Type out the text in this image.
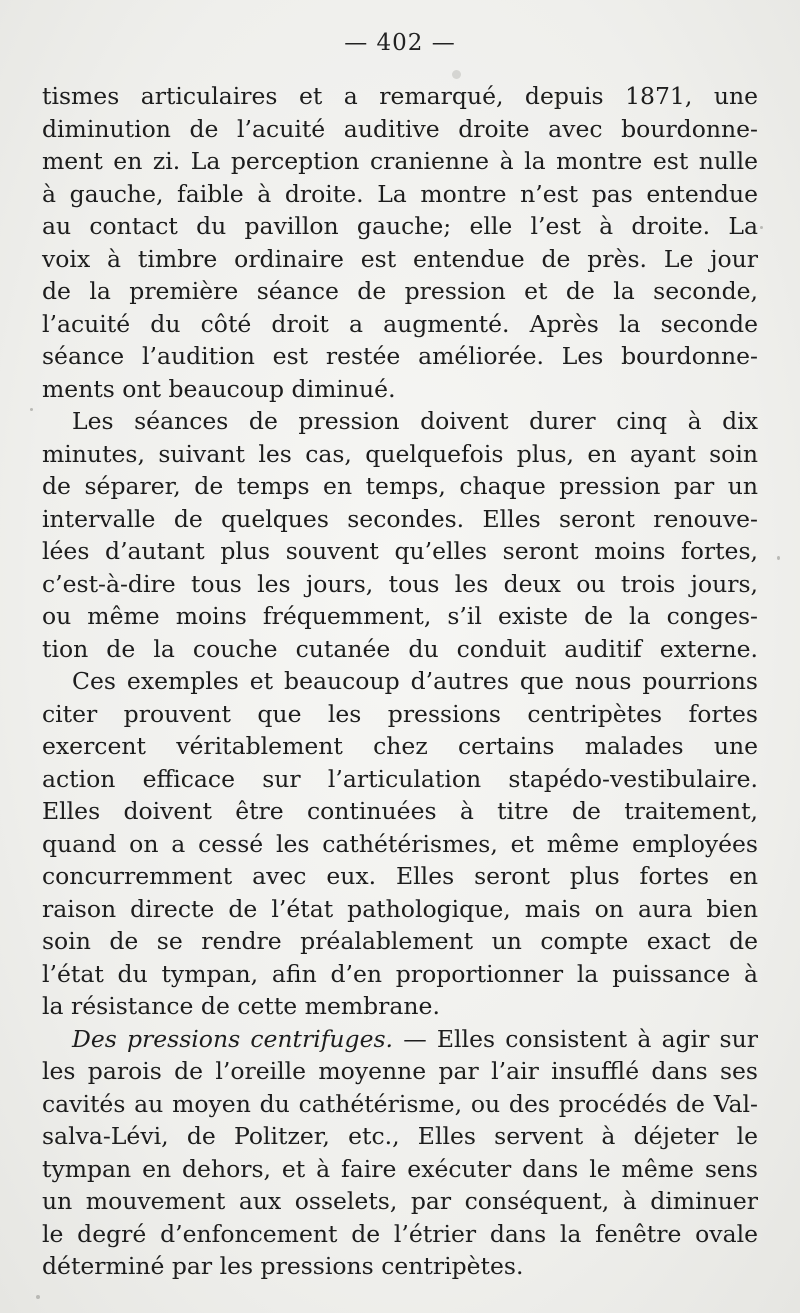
— 402 —
tismes articulaires et a remarqué, depuis 1871, une
diminution de l’acuité auditive droite avec bourdonne-
ment en zi. La perception cranienne à la montre est nulle
à gauche, faible à droite. La montre n’est pas entendue
au contact du pavillon gauche; elle l’est à droite. La
voix à timbre ordinaire est entendue de près. Le jour
de la première séance de pression et de la seconde,
l’acuité du côté droit a augmenté. Après la seconde
séance l’audition est restée améliorée. Les bourdonne-
ments ont beaucoup diminué.
Les séances de pression doivent durer cinq à dix
minutes, suivant les cas, quelquefois plus, en ayant soin
de séparer, de temps en temps, chaque pression par un
intervalle de quelques secondes. Elles seront renouve-
lées d’autant plus souvent qu’elles seront moins fortes,
c’est-à-dire tous les jours, tous les deux ou trois jours,
ou même moins fréquemment, s’il existe de la conges-
tion de la couche cutanée du conduit auditif externe.
Ces exemples et beaucoup d’autres que nous pourrions
citer prouvent que les pressions centripètes fortes
exercent véritablement chez certains malades une
action efficace sur l’articulation stapédo-vestibulaire.
Elles doivent être continuées à titre de traitement,
quand on a cessé les cathétérismes, et même employées
concurremment avec eux. Elles seront plus fortes en
raison directe de l’état pathologique, mais on aura bien
soin de se rendre préalablement un compte exact de
l’état du tympan, afin d’en proportionner la puissance à
la résistance de cette membrane.
Des pressions centrifuges. — Elles consistent à agir sur
les parois de l’oreille moyenne par l’air insufflé dans ses
cavités au moyen du cathétérisme, ou des procédés de Val-
salva-Lévi, de Politzer, etc., Elles servent à déjeter le
tympan en dehors, et à faire exécuter dans le même sens
un mouvement aux osselets, par conséquent, à diminuer
le degré d’enfoncement de l’étrier dans la fenêtre ovale
déterminé par les pressions centripètes.
